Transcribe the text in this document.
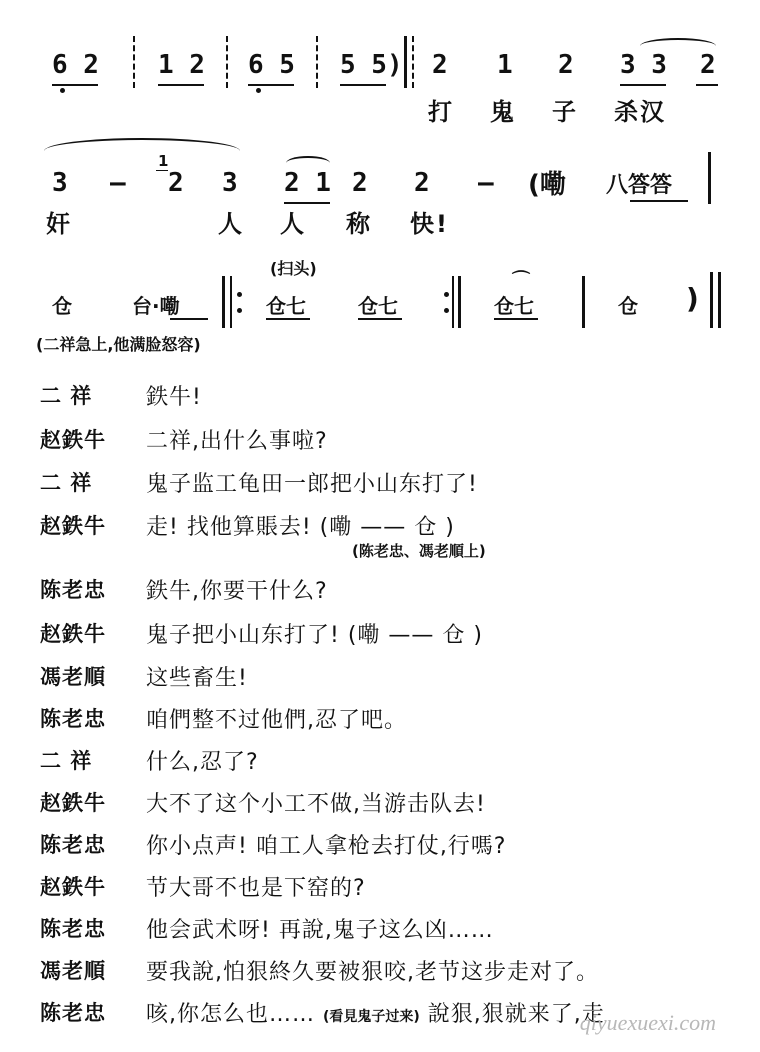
6 2 1 2 6 5 5 5) 2 1 2 3 3 2
打 鬼 子 杀汉
3 –
1
2 3 2 1 2 2 – (嘞 八答答
奸	人 人 称 快!
(扫头)
仓	台·嘞	仓七	仓七	仓七
⌒
仓 )
(二祥急上,他满脸怒容)
二 祥	鉄牛!
赵鉄牛	二祥,出什么事啦?
二 祥	鬼子监工龟田一郎把小山东打了!
赵鉄牛	走! 找他算賬去! (嘞 —— 仓 )
(陈老忠、馮老順上)
陈老忠	鉄牛,你要干什么?
赵鉄牛	鬼子把小山东打了! (嘞 —— 仓 )
馮老順	这些畜生!
陈老忠	咱們整不过他們,忍了吧。
二 祥	什么,忍了?
赵鉄牛	大不了这个小工不做,当游击队去!
陈老忠	你小点声! 咱工人拿枪去打仗,行嗎?
赵鉄牛	节大哥不也是下窑的?
陈老忠	他会武术呀! 再說,鬼子这么凶……
馮老順	要我說,怕狠終久要被狠咬,老节这步走对了。
陈老忠	咳,你怎么也…… (看見鬼子过来) 說狠,狠就来了,走
qiyuexuexi.com
